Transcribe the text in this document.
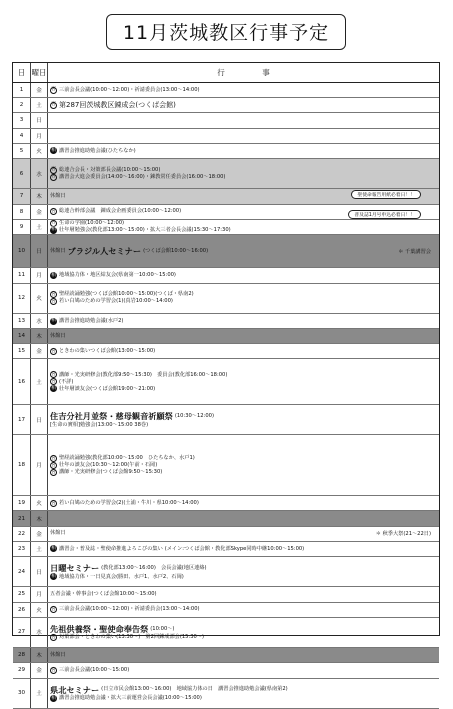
11月茨城教区行事予定
日 曜日	行　　　　　事
1	金	宮 三前会長会議(10:00～12:00)・祈請委員会(13:00～14:00)
2	土	宮 第287回茨城教区錬成会(つくば会館)
3	日
4	月
5	火	相 講習会推進助勉会議(ひたちなか)
6	水
宮 総連合会長・対策部長会議(10:00～15:00)
宮 講習会大進会委員会(14:00～16:00)・錬教常任委員会(16:00～18:00)
7	木	休館日	聖使命報告用紙必着日！！
8	金	宮 総連合幹部会議　錬成会企画委員会(10:00～12:00)
普及誌1月号申込必着日！！
9	土
宮 生命の学園(10:00～12:00)
相 壮年層勉強会(教化部13:00～15:00)・拡大三者会長会議(15:30～17:30)
10	日	休館日 ブラジル人セミナー (つくば会館10:00～16:00)	＊ 千葉講習会
11	月	相 地域協力体・地区結友会(県南第一10:00～15:00)
12	火
宮 聖経読誦勉強(つくば会館10:00～15:00)(つくば・県南2)
宮 若い白鳩のための学習会(1)(真岩10:00～14:00)
13	水	相 講習会推進助勉会議(水戸2)
14	木	休館日
15	金	宮 ときわの集いつくば会館(13:00～15:00)
16	土
宮 講師・光実研修会(教化部9:50～15:30)　委員会(教化部16:00～18:00)
宮 (不詳)
相 壮年層談友会(つくば会館19:00～21:00)
17	日	住吉分社月並祭・慈母観音祈願祭 (10:30～12:00)
[生命の實相]勉強会(13:00～15:00 38巻)
18	月
宮 聖経読誦勉強(教化部10:00～15:00　ひたちなか、水戸1)
宮 壮年の談友会(10:30～12:00(午前・石岡)
宮 講師・光実研修会(つくば会館9:50～15:30)
19	火	宮 若い白鳩のための学習会(2)(土浦・牛川・県10:00～14:00)
21	木
22	金	休館日	＊ 秋季大祭(21～22日)
23	土	相 講習会・普及誌・聖使命推進よろこびの集い (メイン:つくば会館・教化部Skype同時中継10:00～15:00)
24	日	日曜セミナー (教化部13:00～16:00)　会長会議(地区連絡)
相 地域協力体・一日見真会(勝田、水戸1、水戸2、石岡)
25	月	五者会議・幹事会(つくば会館10:00～15:00)
26	火	宮 三前会長会議(10:00～12:00)・祈請委員会(13:00～14:00)
27	水	先祖供養祭・聖使命奉告祭 (10:00～)
宮 対策部会・ときわの集い(13:30～)　第2回錬成部会(15:30～)
28	木	休館日
29	金	宮 三前会長会議(10:00～15:00)
30	土	県北セミナー (日立市民会館13:00～16:00)　地域協力体の日　講習会推進助勉会議(県南第2)
相 講習会推進助勉会議・拡大三前運営会長会議(10:00～15:00)
